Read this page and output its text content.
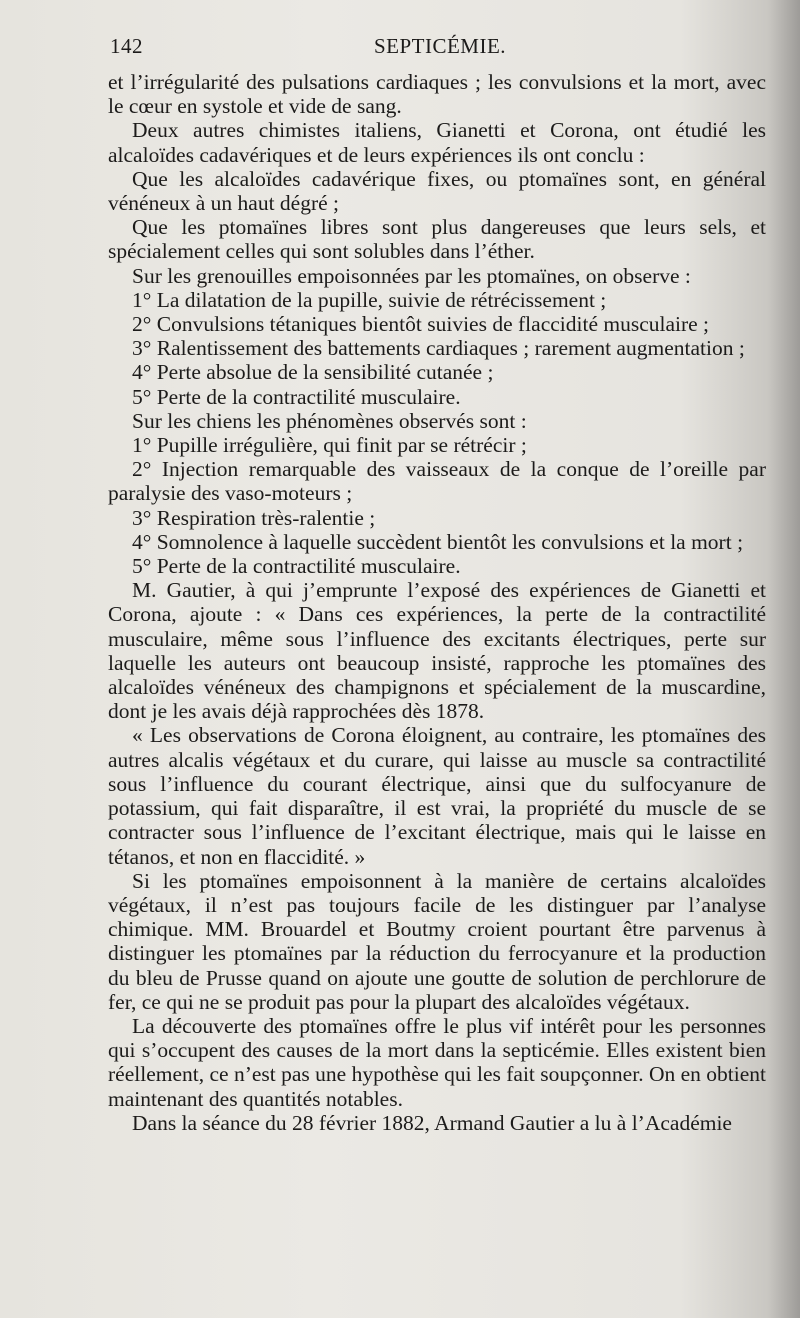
142	SEPTICÉMIE.

et l’irrégularité des pulsations cardiaques ; les convulsions et la mort, avec le cœur en systole et vide de sang.

Deux autres chimistes italiens, Gianetti et Corona, ont étudié les alcaloïdes cadavériques et de leurs expériences ils ont conclu :

Que les alcaloïdes cadavérique fixes, ou ptomaïnes sont, en général vénéneux à un haut dégré ;

Que les ptomaïnes libres sont plus dangereuses que leurs sels, et spécialement celles qui sont solubles dans l’éther.

Sur les grenouilles empoisonnées par les ptomaïnes, on observe :

1° La dilatation de la pupille, suivie de rétrécissement ;

2° Convulsions tétaniques bientôt suivies de flaccidité musculaire ;

3° Ralentissement des battements cardiaques ; rarement augmentation ;

4° Perte absolue de la sensibilité cutanée ;

5° Perte de la contractilité musculaire.

Sur les chiens les phénomènes observés sont :

1° Pupille irrégulière, qui finit par se rétrécir ;

2° Injection remarquable des vaisseaux de la conque de l’oreille par paralysie des vaso-moteurs ;

3° Respiration très-ralentie ;

4° Somnolence à laquelle succèdent bientôt les convulsions et la mort ;

5° Perte de la contractilité musculaire.

M. Gautier, à qui j’emprunte l’exposé des expériences de Gianetti et Corona, ajoute : « Dans ces expériences, la perte de la contractilité musculaire, même sous l’influence des excitants électriques, perte sur laquelle les auteurs ont beaucoup insisté, rapproche les ptomaïnes des alcaloïdes vénéneux des champignons et spécialement de la muscardine, dont je les avais déjà rapprochées dès 1878.

« Les observations de Corona éloignent, au contraire, les ptomaïnes des autres alcalis végétaux et du curare, qui laisse au muscle sa contractilité sous l’influence du courant électrique, ainsi que du sulfocyanure de potassium, qui fait disparaître, il est vrai, la propriété du muscle de se contracter sous l’influence de l’excitant électrique, mais qui le laisse en tétanos, et non en flaccidité. »

Si les ptomaïnes empoisonnent à la manière de certains alcaloïdes végétaux, il n’est pas toujours facile de les distinguer par l’analyse chimique. MM. Brouardel et Boutmy croient pourtant être parvenus à distinguer les ptomaïnes par la réduction du ferrocyanure et la production du bleu de Prusse quand on ajoute une goutte de solution de perchlorure de fer, ce qui ne se produit pas pour la plupart des alcaloïdes végétaux.

La découverte des ptomaïnes offre le plus vif intérêt pour les personnes qui s’occupent des causes de la mort dans la septicémie. Elles existent bien réellement, ce n’est pas une hypothèse qui les fait soupçonner. On en obtient maintenant des quantités notables.

Dans la séance du 28 février 1882, Armand Gautier a lu à l’Académie
